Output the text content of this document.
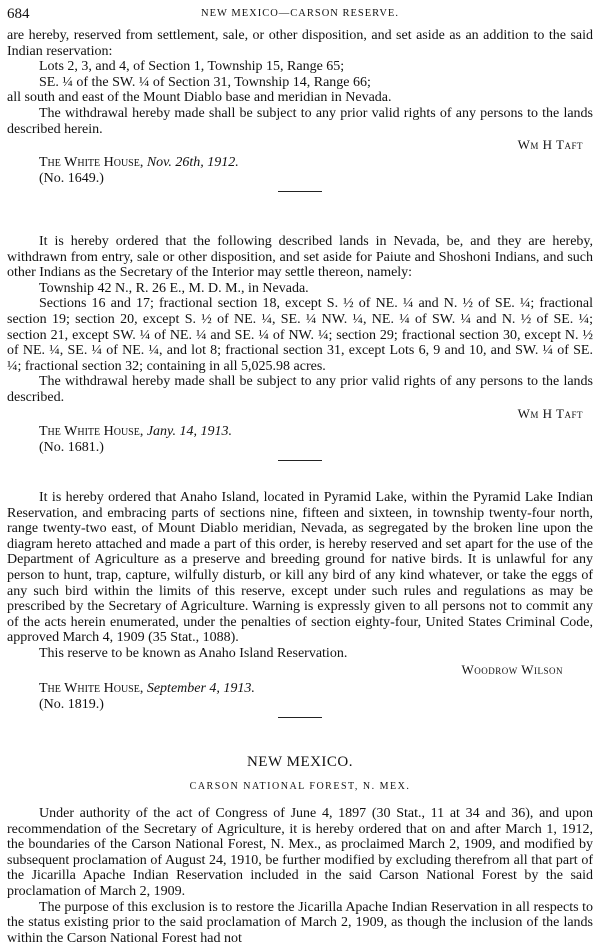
684	NEW MEXICO—CARSON RESERVE.

are hereby, reserved from settlement, sale, or other disposition, and set aside as an addition to the said Indian reservation:

Lots 2, 3, and 4, of Section 1, Township 15, Range 65;

SE. ¼ of the SW. ¼ of Section 31, Township 14, Range 66;

all south and east of the Mount Diablo base and meridian in Nevada.

The withdrawal hereby made shall be subject to any prior valid rights of any persons to the lands described herein.

Wm H Taft

The White House, Nov. 26th, 1912.

(No. 1649.)

It is hereby ordered that the following described lands in Nevada, be, and they are hereby, withdrawn from entry, sale or other disposition, and set aside for Paiute and Shoshoni Indians, and such other Indians as the Secretary of the Interior may settle thereon, namely:

Township 42 N., R. 26 E., M. D. M., in Nevada.

Sections 16 and 17; fractional section 18, except S. ½ of NE. ¼ and N. ½ of SE. ¼; fractional section 19; section 20, except S. ½ of NE. ¼, SE. ¼ NW. ¼, NE. ¼ of SW. ¼ and N. ½ of SE. ¼; section 21, except SW. ¼ of NE. ¼ and SE. ¼ of NW. ¼; section 29; fractional section 30, except N. ½ of NE. ¼, SE. ¼ of NE. ¼, and lot 8; fractional section 31, except Lots 6, 9 and 10, and SW. ¼ of SE. ¼; fractional section 32; containing in all 5,025.98 acres.

The withdrawal hereby made shall be subject to any prior valid rights of any persons to the lands described.

Wm H Taft

The White House, Jany. 14, 1913.

(No. 1681.)

It is hereby ordered that Anaho Island, located in Pyramid Lake, within the Pyramid Lake Indian Reservation, and embracing parts of sections nine, fifteen and sixteen, in township twenty-four north, range twenty-two east, of Mount Diablo meridian, Nevada, as segregated by the broken line upon the diagram hereto attached and made a part of this order, is hereby reserved and set apart for the use of the Department of Agriculture as a preserve and breeding ground for native birds. It is unlawful for any person to hunt, trap, capture, wilfully disturb, or kill any bird of any kind whatever, or take the eggs of any such bird within the limits of this reserve, except under such rules and regulations as may be prescribed by the Secretary of Agriculture. Warning is expressly given to all persons not to commit any of the acts herein enumerated, under the penalties of section eighty-four, United States Criminal Code, approved March 4, 1909 (35 Stat., 1088).

This reserve to be known as Anaho Island Reservation.

Woodrow Wilson

The White House, September 4, 1913.

(No. 1819.)

NEW MEXICO.

CARSON NATIONAL FOREST, N. MEX.

Under authority of the act of Congress of June 4, 1897 (30 Stat., 11 at 34 and 36), and upon recommendation of the Secretary of Agriculture, it is hereby ordered that on and after March 1, 1912, the boundaries of the Carson National Forest, N. Mex., as proclaimed March 2, 1909, and modified by subsequent proclamation of August 24, 1910, be further modified by excluding therefrom all that part of the Jicarilla Apache Indian Reservation included in the said Carson National Forest by the said proclamation of March 2, 1909.

The purpose of this exclusion is to restore the Jicarilla Apache Indian Reservation in all respects to the status existing prior to the said proclamation of March 2, 1909, as though the inclusion of the lands within the Carson National Forest had not
